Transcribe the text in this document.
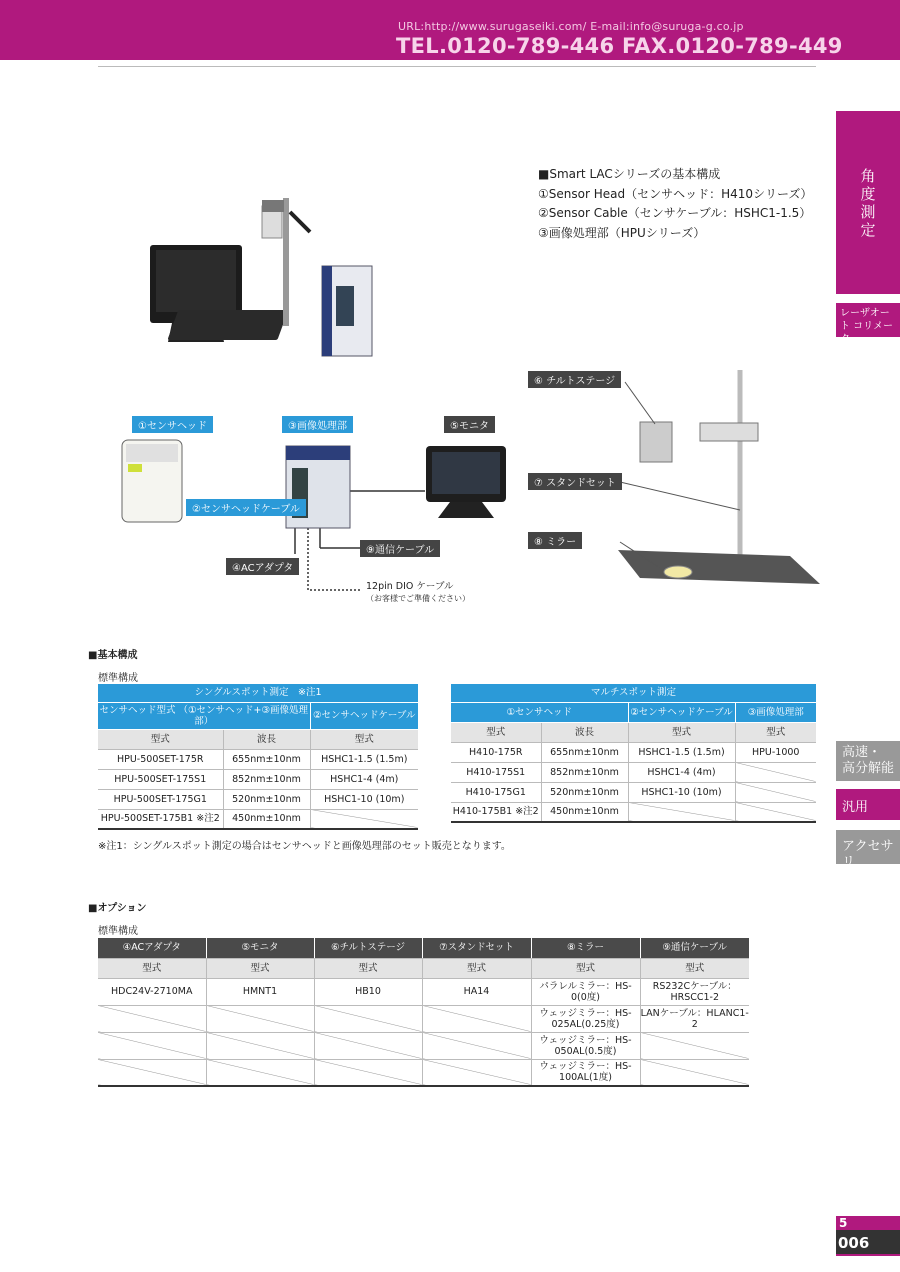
URL:http://www.surugaseiki.com/ E-mail:info@suruga-g.co.jp
TEL.0120-789-446 FAX.0120-789-449
角
度
測
定
レーザオート コリメータ
高速・ 高分解能
汎用
アクセサリ
5
006
■Smart LACシリーズの基本構成
①Sensor Head（センサヘッド：H410シリーズ）
②Sensor Cable（センサケーブル：HSHC1-1.5）
③画像処理部（HPUシリーズ）
①センサヘッド	③画像処理部	⑤モニタ
②センサヘッドケーブル
④ACアダプタ
⑨通信ケーブル
⑥ チルトステージ
⑦ スタンドセット
⑧ ミラー
12pin DIO ケーブル
（お客様でご準備ください）
■基本構成
標準構成
シングルスポット測定　※注1		
センサヘッド型式 （①センサヘッド+③画像処理部）		②センサヘッドケーブル
型式	波長	型式
HPU-500SET-175R	655nm±10nm	HSHC1-1.5 (1.5m)
HPU-500SET-175S1	852nm±10nm	HSHC1-4 (4m)
HPU-500SET-175G1	520nm±10nm	HSHC1-10 (10m)
HPU-500SET-175B1 ※注2	450nm±10nm	
マルチスポット測定			
①センサヘッド		②センサヘッドケーブル	③画像処理部
型式	波長	型式	型式
H410-175R	655nm±10nm	HSHC1-1.5 (1.5m)	HPU-1000
H410-175S1	852nm±10nm	HSHC1-4 (4m)	
H410-175G1	520nm±10nm	HSHC1-10 (10m)	
H410-175B1 ※注2	450nm±10nm		
※注1：シングルスポット測定の場合はセンサヘッドと画像処理部のセット販売となります。
■オプション
標準構成
④ACアダプタ	⑤モニタ	⑥チルトステージ	⑦スタンドセット	⑧ミラー	⑨通信ケーブル
型式	型式	型式	型式	型式	型式
HDC24V-2710MA	HMNT1	HB10	HA14	パラレルミラー：HS-0(0度)	RS232Cケーブル：HRSCC1-2
				ウェッジミラー：HS-025AL(0.25度)	LANケーブル：HLANC1-2
				ウェッジミラー：HS-050AL(0.5度)	
				ウェッジミラー：HS-100AL(1度)	
